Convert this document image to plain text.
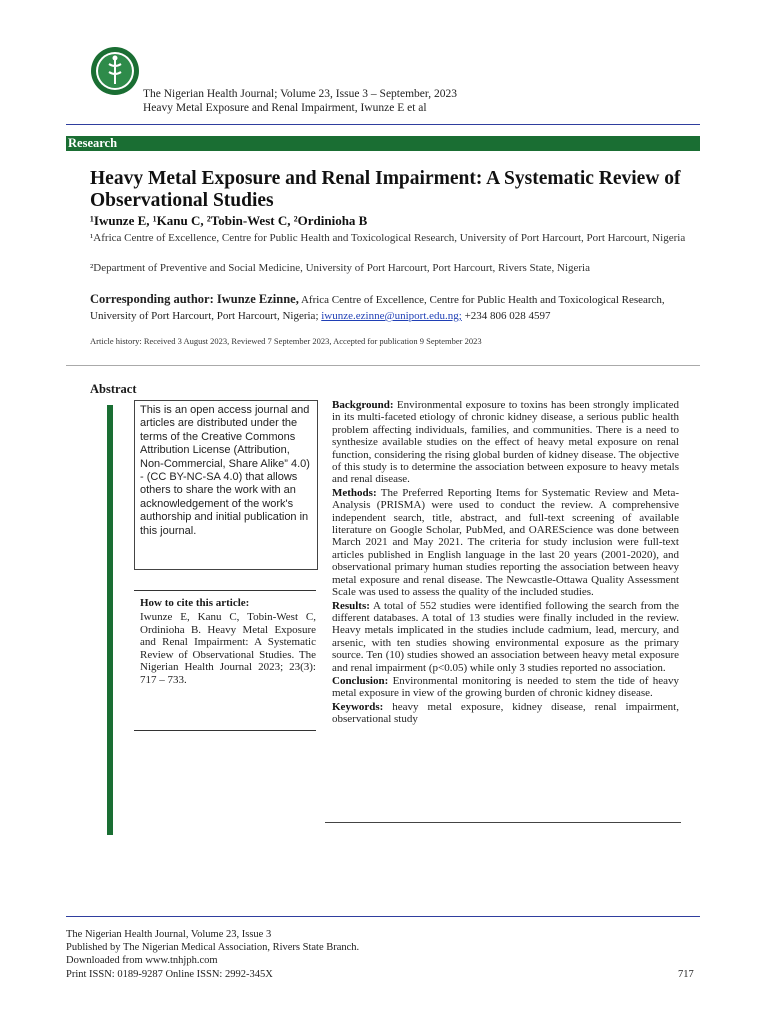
The Nigerian Health Journal; Volume 23, Issue 3 – September, 2023
Heavy Metal Exposure and Renal Impairment, Iwunze E et al
Research
Heavy Metal Exposure and Renal Impairment: A Systematic Review of Observational Studies
¹Iwunze E, ¹Kanu C, ²Tobin-West C, ²Ordinioha B
¹Africa Centre of Excellence, Centre for Public Health and Toxicological Research, University of Port Harcourt, Port Harcourt, Nigeria
²Department of Preventive and Social Medicine, University of Port Harcourt, Port Harcourt, Rivers State, Nigeria
Corresponding author: Iwunze Ezinne, Africa Centre of Excellence, Centre for Public Health and Toxicological Research, University of Port Harcourt, Port Harcourt, Nigeria; iwunze.ezinne@uniport.edu.ng; +234 806 028 4597
Article history: Received 3 August 2023, Reviewed 7 September 2023, Accepted for publication 9 September 2023
Abstract
This is an open access journal and articles are distributed under the terms of the Creative Commons Attribution License (Attribution, Non-Commercial, Share Alike” 4.0) - (CC BY-NC-SA 4.0) that allows others to share the work with an acknowledgement of the work's authorship and initial publication in this journal.
How to cite this article:
Iwunze E, Kanu C, Tobin-West C, Ordinioha B. Heavy Metal Exposure and Renal Impairment: A Systematic Review of Observational Studies. The Nigerian Health Journal 2023; 23(3): 717 – 733.

Background: Environmental exposure to toxins has been strongly implicated in its multi-faceted etiology of chronic kidney disease, a serious public health problem affecting individuals, families, and communities. There is a need to synthesize available studies on the effect of heavy metal exposure on renal function, considering the rising global burden of kidney disease. The objective of this study is to determine the association between exposure to heavy metals and renal disease.

Methods: The Preferred Reporting Items for Systematic Review and Meta-Analysis (PRISMA) were used to conduct the review. A comprehensive independent search, title, abstract, and full-text screening of available literature on Google Scholar, PubMed, and OAREScience was done between March 2021 and May 2021. The criteria for study inclusion were full-text articles published in English language in the last 20 years (2001-2020), and observational primary human studies reporting the association between heavy metal exposure and renal disease. The Newcastle-Ottawa Quality Assessment Scale was used to assess the quality of the included studies.

Results: A total of 552 studies were identified following the search from the different databases. A total of 13 studies were finally included in the review. Heavy metals implicated in the studies include cadmium, lead, mercury, and arsenic, with ten studies showing environmental exposure as the primary source. Ten (10) studies showed an association between heavy metal exposure and renal impairment (p<0.05) while only 3 studies reported no association.

Conclusion: Environmental monitoring is needed to stem the tide of heavy metal exposure in view of the growing burden of chronic kidney disease.

Keywords: heavy metal exposure, kidney disease, renal impairment, observational study

The Nigerian Health Journal, Volume 23, Issue 3
Published by The Nigerian Medical Association, Rivers State Branch.
Downloaded from www.tnhjph.com
Print ISSN: 0189-9287 Online ISSN: 2992-345X	717
